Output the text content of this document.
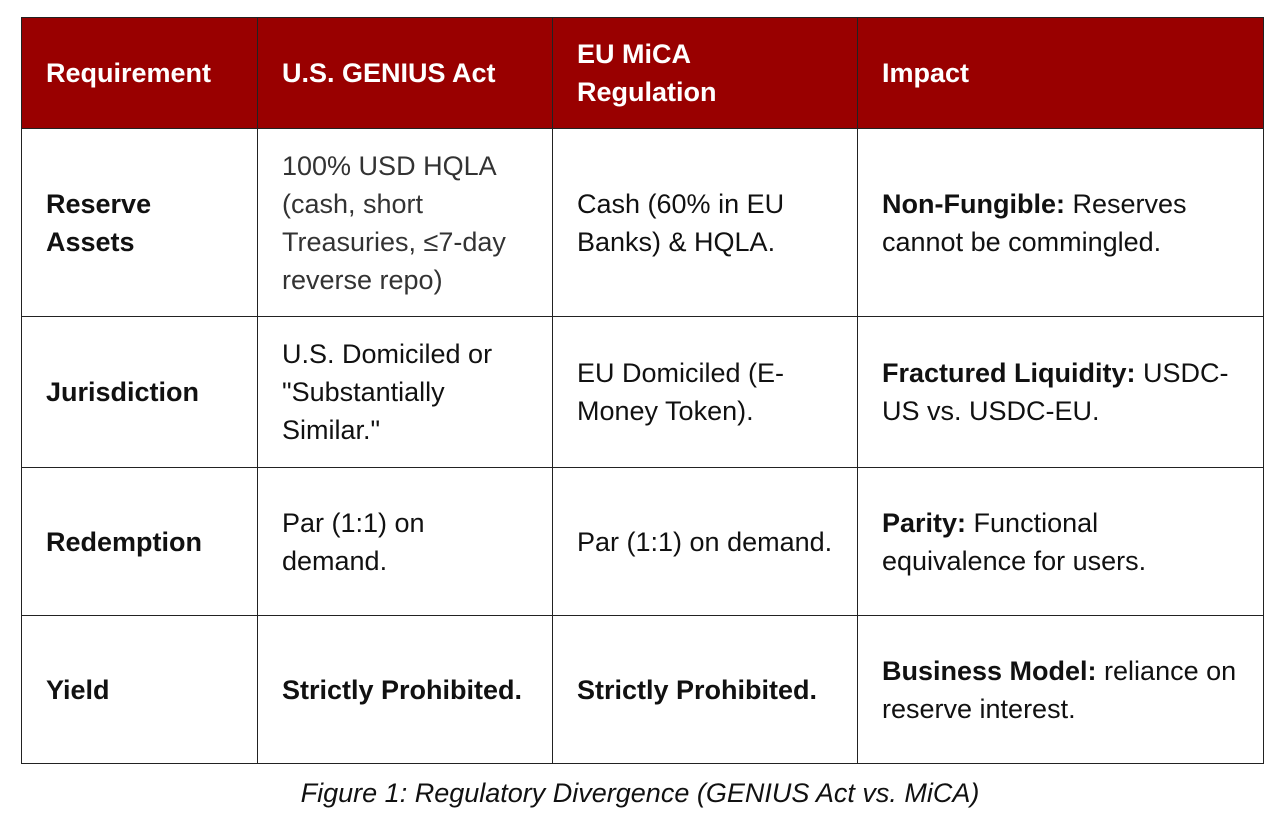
Requirement	U.S. GENIUS Act	EU MiCA Regulation	Impact
Reserve Assets	100% USD HQLA (cash, short Treasuries, ≤7-day reverse repo)	Cash (60% in EU Banks) & HQLA.	Non-Fungible: Reserves cannot be commingled.
Jurisdiction	U.S. Domiciled or "Substantially Similar."	EU Domiciled (E-Money Token).	Fractured Liquidity: USDC-US vs. USDC-EU.
Redemption	Par (1:1) on demand.	Par (1:1) on demand.	Parity: Functional equivalence for users.
Yield	Strictly Prohibited.	Strictly Prohibited.	Business Model: reliance on reserve interest.
Figure 1: Regulatory Divergence (GENIUS Act vs. MiCA)
